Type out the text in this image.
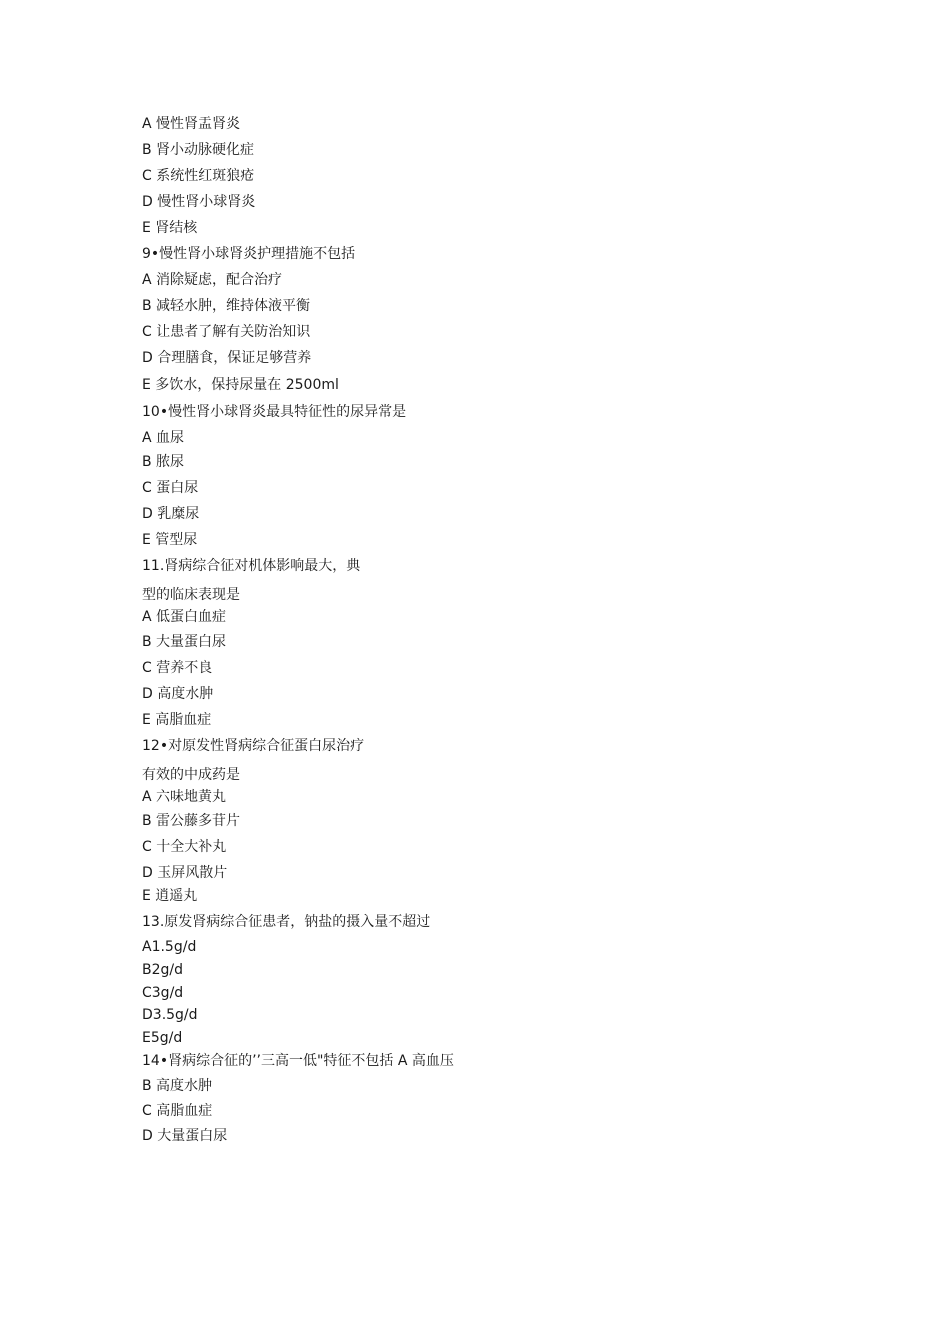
A 慢性肾盂肾炎
B 肾小动脉硬化症
C 系统性红斑狼疮
D 慢性肾小球肾炎
E 肾结核
9•慢性肾小球肾炎护理措施不包括
A 消除疑虑，配合治疗
B 减轻水肿，维持体液平衡
C 让患者了解有关防治知识
D 合理膳食，保证足够营养
E 多饮水，保持尿量在 2500ml
10•慢性肾小球肾炎最具特征性的尿异常是
A 血尿
B 脓尿
C 蛋白尿
D 乳糜尿
E 管型尿
11.肾病综合征对机体影响最大，典
型的临床表现是
A 低蛋白血症
B 大量蛋白尿
C 营养不良
D 高度水肿
E 高脂血症
12•对原发性肾病综合征蛋白尿治疗
有效的中成药是
A 六味地黄丸
B 雷公藤多苷片
C 十全大补丸
D 玉屏风散片
E 逍遥丸
13.原发肾病综合征患者，钠盐的摄入量不超过
A1.5g/d
B2g/d
C3g/d
D3.5g/d
E5g/d
14•肾病综合征的’’三高一低"特征不包括 A 高血压
B 高度水肿
C 高脂血症
D 大量蛋白尿
